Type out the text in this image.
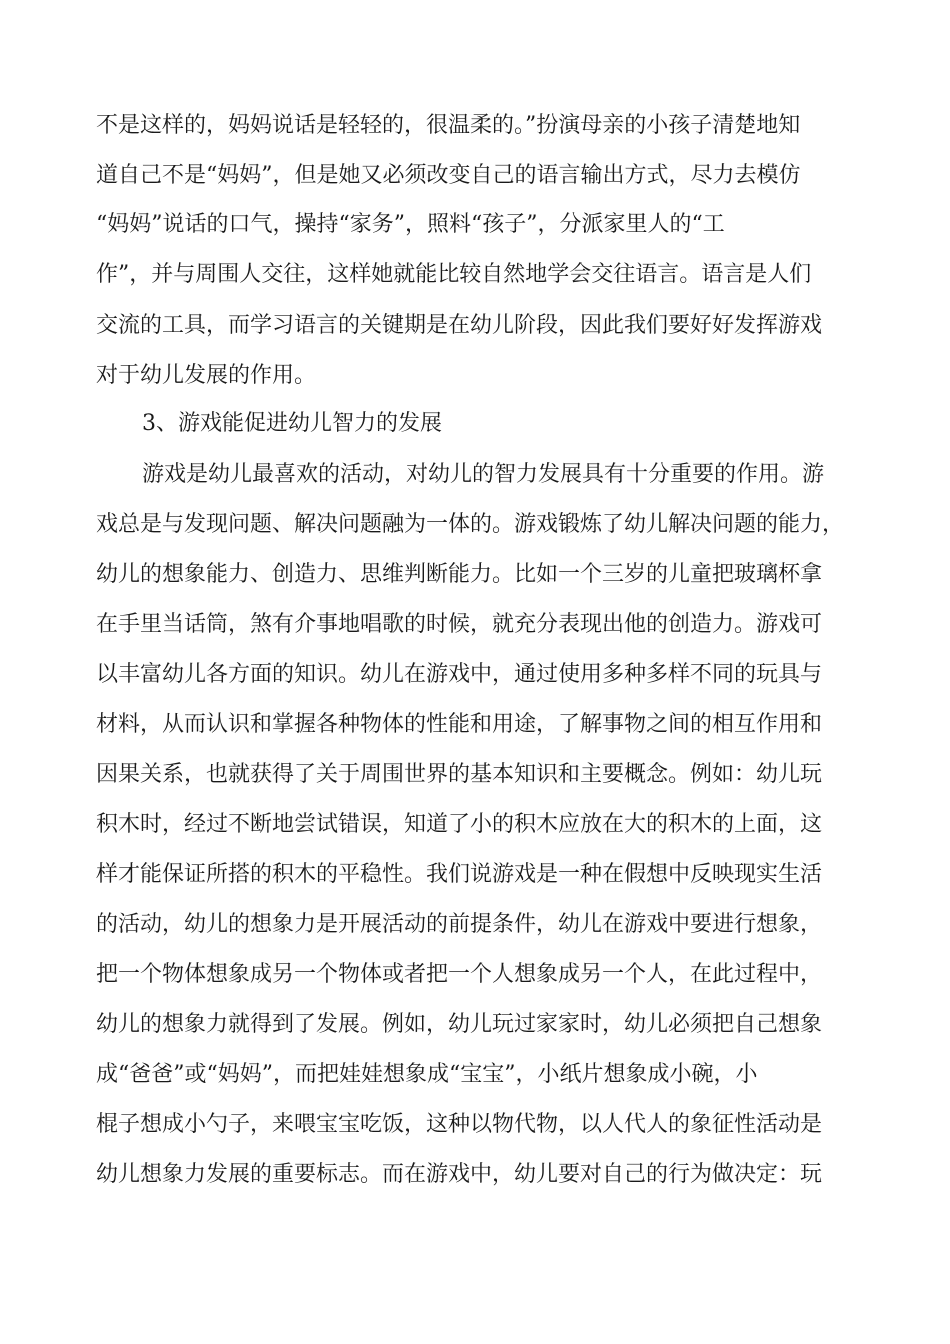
不是这样的，妈妈说话是轻轻的，很温柔的。”扮演母亲的小孩子清楚地知
道自己不是“妈妈”，但是她又必须改变自己的语言输出方式，尽力去模仿
“妈妈”说话的口气，操持“家务”，照料“孩子”，分派家里人的“工
作”，并与周围人交往，这样她就能比较自然地学会交往语言。语言是人们
交流的工具，而学习语言的关键期是在幼儿阶段，因此我们要好好发挥游戏
对于幼儿发展的作用。
3、游戏能促进幼儿智力的发展
游戏是幼儿最喜欢的活动，对幼儿的智力发展具有十分重要的作用。游
戏总是与发现问题、解决问题融为一体的。游戏锻炼了幼儿解决问题的能力，
幼儿的想象能力、创造力、思维判断能力。比如一个三岁的儿童把玻璃杯拿
在手里当话筒，煞有介事地唱歌的时候，就充分表现出他的创造力。游戏可
以丰富幼儿各方面的知识。幼儿在游戏中，通过使用多种多样不同的玩具与
材料，从而认识和掌握各种物体的性能和用途，了解事物之间的相互作用和
因果关系，也就获得了关于周围世界的基本知识和主要概念。例如：幼儿玩
积木时，经过不断地尝试错误，知道了小的积木应放在大的积木的上面，这
样才能保证所搭的积木的平稳性。我们说游戏是一种在假想中反映现实生活
的活动，幼儿的想象力是开展活动的前提条件，幼儿在游戏中要进行想象，
把一个物体想象成另一个物体或者把一个人想象成另一个人，在此过程中，
幼儿的想象力就得到了发展。例如，幼儿玩过家家时，幼儿必须把自己想象
成“爸爸”或“妈妈”，而把娃娃想象成“宝宝”，小纸片想象成小碗，小
棍子想成小勺子，来喂宝宝吃饭，这种以物代物，以人代人的象征性活动是
幼儿想象力发展的重要标志。而在游戏中，幼儿要对自己的行为做决定：玩
